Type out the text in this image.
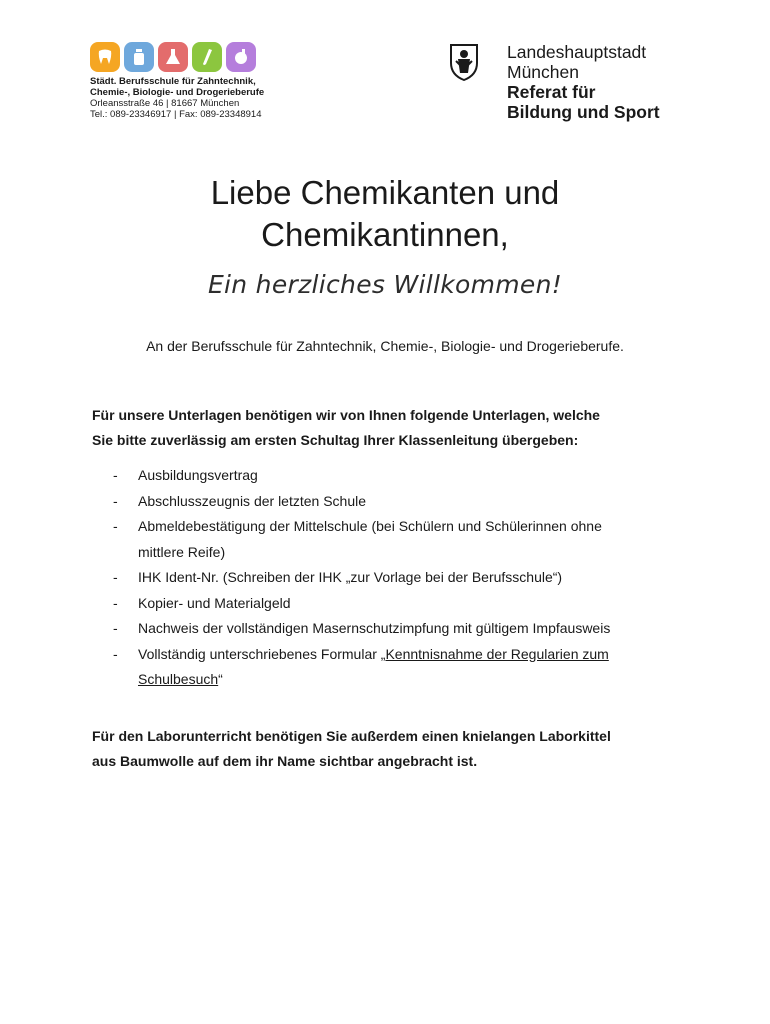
Städt. Berufsschule für Zahntechnik,
Chemie-, Biologie- und Drogerieberufe
Orleansstraße 46 | 81667 München
Tel.: 089-23346917 | Fax: 089-23348914
Landeshauptstadt
München
Referat für
Bildung und Sport
Liebe Chemikanten und
Chemikantinnen,
Ein herzliches Willkommen!
An der Berufsschule für Zahntechnik, Chemie-, Biologie- und Drogerieberufe.
Für unsere Unterlagen benötigen wir von Ihnen folgende Unterlagen, welche
Sie bitte zuverlässig am ersten Schultag Ihrer Klassenleitung übergeben:
- Ausbildungsvertrag
- Abschlusszeugnis der letzten Schule
- Abmeldebestätigung der Mittelschule (bei Schülern und Schülerinnen ohne
mittlere Reife)
- IHK Ident-Nr. (Schreiben der IHK „zur Vorlage bei der Berufsschule“)
- Kopier- und Materialgeld
- Nachweis der vollständigen Masernschutzimpfung mit gültigem Impfausweis
- Vollständig unterschriebenes Formular „Kenntnisnahme der Regularien zum
Schulbesuch“
Für den Laborunterricht benötigen Sie außerdem einen knielangen Laborkittel
aus Baumwolle auf dem ihr Name sichtbar angebracht ist.
